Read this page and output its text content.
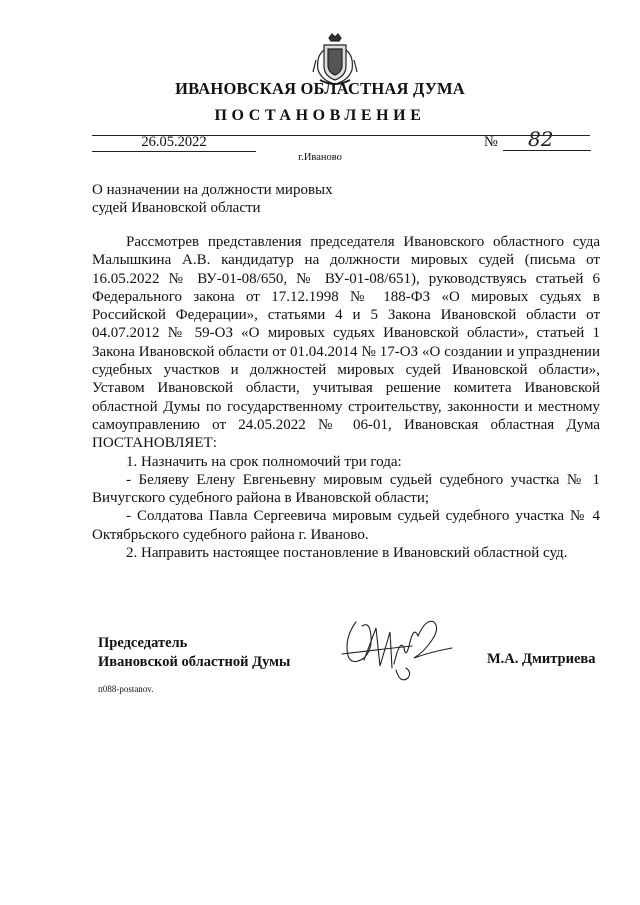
ИВАНОВСКАЯ ОБЛАСТНАЯ ДУМА
ПОСТАНОВЛЕНИЕ
26.05.2022	№ 82
г.Иваново
О назначении на должности мировых
судей Ивановской области

Рассмотрев представления председателя Ивановского областного суда Малышкина А.В. кандидатур на должности мировых судей (письма от 16.05.2022 № ВУ-01-08/650, № ВУ-01-08/651), руководствуясь статьей 6 Федерального закона от 17.12.1998 № 188-ФЗ «О мировых судьях в Российской Федерации», статьями 4 и 5 Закона Ивановской области от 04.07.2012 № 59-ОЗ «О мировых судьях Ивановской области», статьей 1 Закона Ивановской области от 01.04.2014 № 17-ОЗ «О создании и упразднении судебных участков и должностей мировых судей Ивановской области», Уставом Ивановской области, учитывая решение комитета Ивановской областной Думы по государственному строительству, законности и местному самоуправлению от 24.05.2022 № 06-01, Ивановская областная Дума ПОСТАНОВЛЯЕТ:

1. Назначить на срок полномочий три года:

- Беляеву Елену Евгеньевну мировым судьей судебного участка № 1 Вичугского судебного района в Ивановской области;

- Солдатова Павла Сергеевича мировым судьей судебного участка № 4 Октябрьского судебного района г. Иваново.

2. Направить настоящее постановление в Ивановский областной суд.

Председатель
Ивановской областной Думы	М.А. Дмитриева
п088-postanov.
